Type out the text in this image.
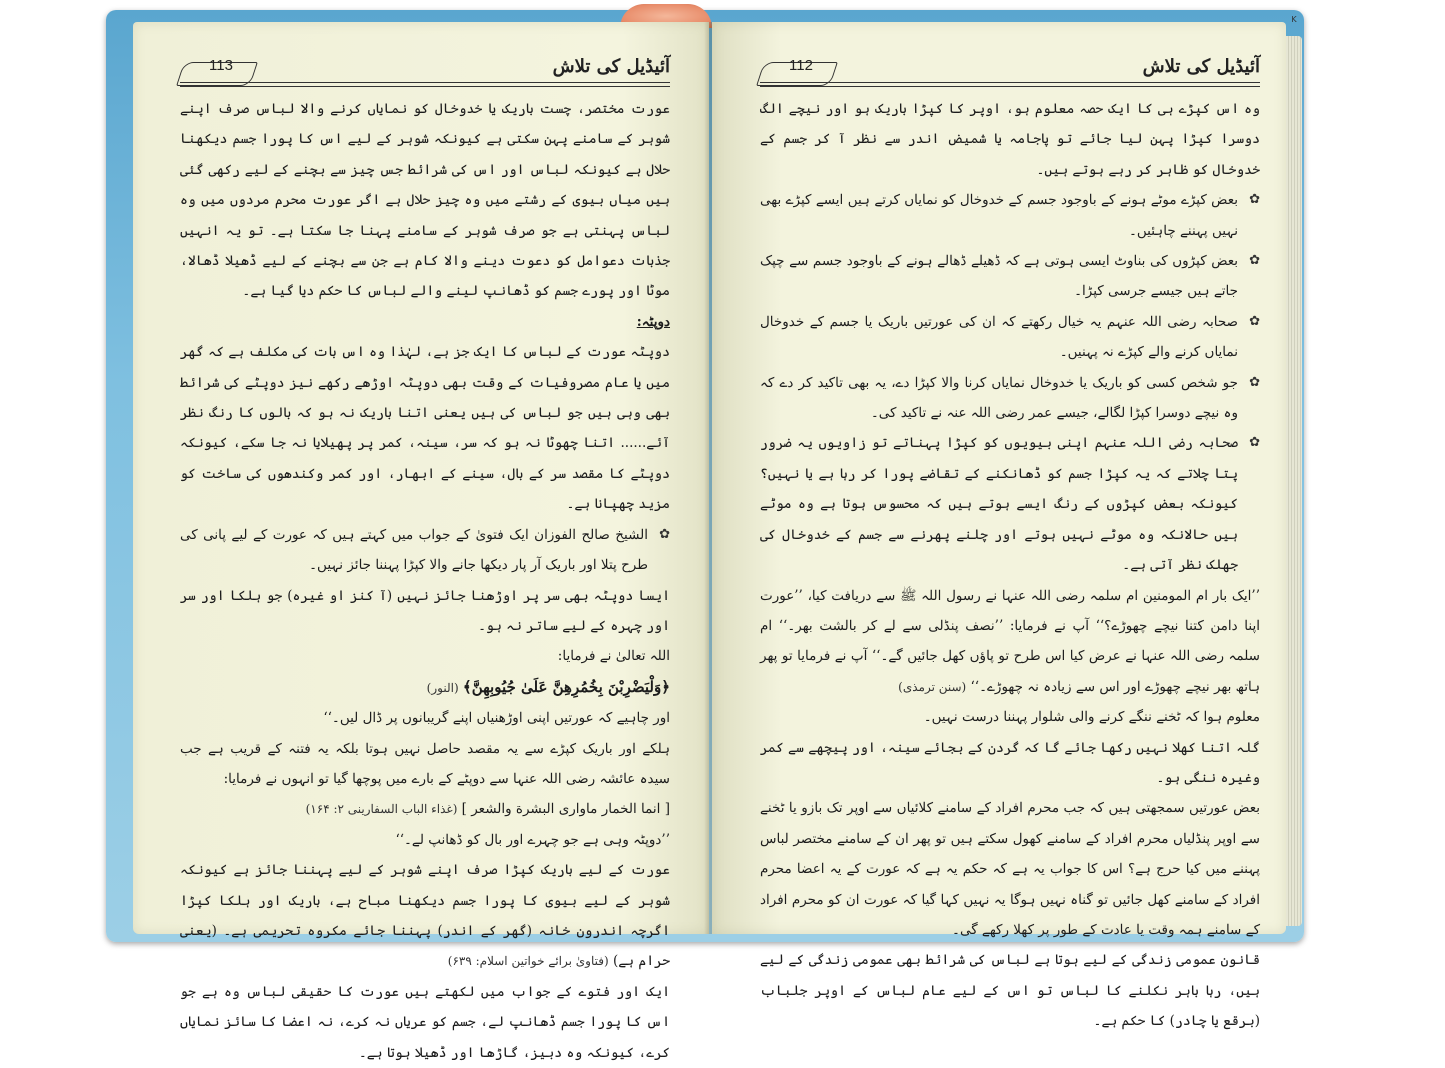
K
113	آئیڈیل کی تلاش

عورت مختصر، چست باریک یا خدوخال کو نمایاں کرنے والا لباس صرف اپنے شوہر کے سامنے پہن سکتی ہے کیونکہ شوہر کے لیے اس کا پورا جسم دیکھنا حلال ہے کیونکہ لباس اور اس کی شرائط جس چیز سے بچنے کے لیے رکھی گئی ہیں میاں بیوی کے رشتے میں وہ چیز حلال ہے اگر عورت محرم مردوں میں وہ لباس پہنتی ہے جو صرف شوہر کے سامنے پہنا جا سکتا ہے۔ تو یہ انہیں جذبات دعوامل کو دعوت دینے والا کام ہے جن سے بچنے کے لیے ڈھیلا ڈھالا، موٹا اور پورے جسم کو ڈھانپ لینے والے لباس کا حکم دیا گیا ہے۔

دوپٹہ:

دوپٹہ عورت کے لباس کا ایک جز ہے، لہٰذا وہ اس بات کی مکلف ہے کہ گھر میں یا عام مصروفیات کے وقت بھی دوپٹہ اوڑھے رکھے نیز دوپٹے کی شرائط بھی وہی ہیں جو لباس کی ہیں یعنی اتنا باریک نہ ہو کہ بالوں کا رنگ نظر آئے...... اتنا چھوٹا نہ ہو کہ سر، سینہ، کمر پر پھیلایا نہ جا سکے، کیونکہ دوپٹے کا مقصد سر کے بال، سینے کے ابھار، اور کمر وکندھوں کی ساخت کو مزید چھپانا ہے۔

✿ الشیخ صالح الفوزان ایک فتویٰ کے جواب میں کہتے ہیں کہ عورت کے لیے پانی کی طرح پتلا اور باریک آر پار دیکھا جانے والا کپڑا پہننا جائز نہیں۔

ایسا دوپٹہ بھی سر پر اوڑھنا جائز نہیں (آ کنز او غیرہ) جو ہلکا اور سر اور چہرہ کے لیے ساتر نہ ہو۔

اللہ تعالیٰ نے فرمایا:

﴿وَلْيَضْرِبْنَ بِخُمُرِهِنَّ عَلَىٰ جُيُوبِهِنَّ﴾ (النور)

اور چاہیے کہ عورتیں اپنی اوڑھنیاں اپنے گریبانوں پر ڈال لیں۔‘‘

ہلکے اور باریک کپڑے سے یہ مقصد حاصل نہیں ہوتا بلکہ یہ فتنہ کے قریب ہے جب سیدہ عائشہ رضی اللہ عنہا سے دوپٹے کے بارے میں پوچھا گیا تو انہوں نے فرمایا:

[ انما الخمار ماواری البشرة والشعر ] (غذاء الباب السفارینی ۲: ۱۶۴)

’’دوپٹہ وہی ہے جو چہرے اور بال کو ڈھانپ لے۔‘‘

عورت کے لیے باریک کپڑا صرف اپنے شوہر کے لیے پہننا جائز ہے کیونکہ شوہر کے لیے بیوی کا پورا جسم دیکھنا مباح ہے، باریک اور ہلکا کپڑا اگرچہ اندرون خانہ (گھر کے اندر) پہننا جائے مکروہ تحریمی ہے۔ (یعنی حرام ہے) (فتاویٰ برائے خواتین اسلام: ۶۳۹)

ایک اور فتوے کے جواب میں لکھتے ہیں عورت کا حقیقی لباس وہ ہے جو اس کا پورا جسم ڈھانپ لے، جسم کو عریاں نہ کرے، نہ اعضا کا سائز نمایاں کرے، کیونکہ وہ دبیز، گاڑھا اور ڈھیلا ہوتا ہے۔

112	آئیڈیل کی تلاش

وہ اس کپڑے ہی کا ایک حصہ معلوم ہو، اوپر کا کپڑا باریک ہو اور نیچے الگ دوسرا کپڑا پہن لیا جائے تو پاجامہ یا شمیض اندر سے نظر آ کر جسم کے خدوخال کو ظاہر کر رہے ہوتے ہیں۔

✿ بعض کپڑے موٹے ہونے کے باوجود جسم کے خدوخال کو نمایاں کرتے ہیں ایسے کپڑے بھی نہیں پہننے چاہئیں۔

✿ بعض کپڑوں کی بناوٹ ایسی ہوتی ہے کہ ڈھیلے ڈھالے ہونے کے باوجود جسم سے چپک جاتے ہیں جیسے جرسی کپڑا۔

✿ صحابہ رضی اللہ عنہم یہ خیال رکھتے کہ ان کی عورتیں باریک یا جسم کے خدوخال نمایاں کرنے والے کپڑے نہ پہنیں۔

✿ جو شخص کسی کو باریک یا خدوخال نمایاں کرنا والا کپڑا دے، یہ بھی تاکید کر دے کہ وہ نیچے دوسرا کپڑا لگالے، جیسے عمر رضی اللہ عنہ نے تاکید کی۔

✿ صحابہ رضی اللہ عنہم اپنی بیویوں کو کپڑا پہناتے تو زاویوں یہ ضرور پتا چلاتے کہ یہ کپڑا جسم کو ڈھانکنے کے تقاضے پورا کر رہا ہے یا نہیں؟ کیونکہ بعض کپڑوں کے رنگ ایسے ہوتے ہیں کہ محسوس ہوتا ہے وہ موٹے ہیں حالانکہ وہ موٹے نہیں ہوتے اور چلنے پھرنے سے جسم کے خدوخال کی جھلک نظر آتی ہے۔

’’ایک بار ام المومنین ام سلمہ رضی اللہ عنہا نے رسول اللہ ﷺ سے دریافت کیا، ’’عورت اپنا دامن کتنا نیچے چھوڑے؟‘‘ آپ نے فرمایا: ’’نصف پنڈلی سے لے کر بالشت بھر۔‘‘ ام سلمہ رضی اللہ عنہا نے عرض کیا اس طرح تو پاؤں کھل جائیں گے۔‘‘ آپ نے فرمایا تو پھر ہاتھ بھر نیچے چھوڑے اور اس سے زیادہ نہ چھوڑے۔‘‘ (سنن ترمذی)

معلوم ہوا کہ ٹخنے ننگے کرنے والی شلوار پہننا درست نہیں۔

گلہ اتنا کھلا نہیں رکھا جائے گا کہ گردن کے بجائے سینہ، اور پیچھے سے کمر وغیرہ ننگی ہو۔

بعض عورتیں سمجھتی ہیں کہ جب محرم افراد کے سامنے کلائیاں سے اوپر تک بازو یا ٹخنے سے اوپر پنڈلیاں محرم افراد کے سامنے کھول سکتے ہیں تو پھر ان کے سامنے مختصر لباس پہننے میں کیا حرج ہے؟ اس کا جواب یہ ہے کہ حکم یہ ہے کہ عورت کے یہ اعضا محرم افراد کے سامنے کھل جائیں تو گناہ نہیں ہوگا یہ نہیں کہا گیا کہ عورت ان کو محرم افراد کے سامنے ہمہ وقت یا عادت کے طور پر کھلا رکھے گی۔

قانون عمومی زندگی کے لیے ہوتا ہے لباس کی شرائط بھی عمومی زندگی کے لیے ہیں، رہا باہر نکلنے کا لباس تو اس کے لیے عام لباس کے اوپر جلباب (برقع یا چادر) کا حکم ہے۔
